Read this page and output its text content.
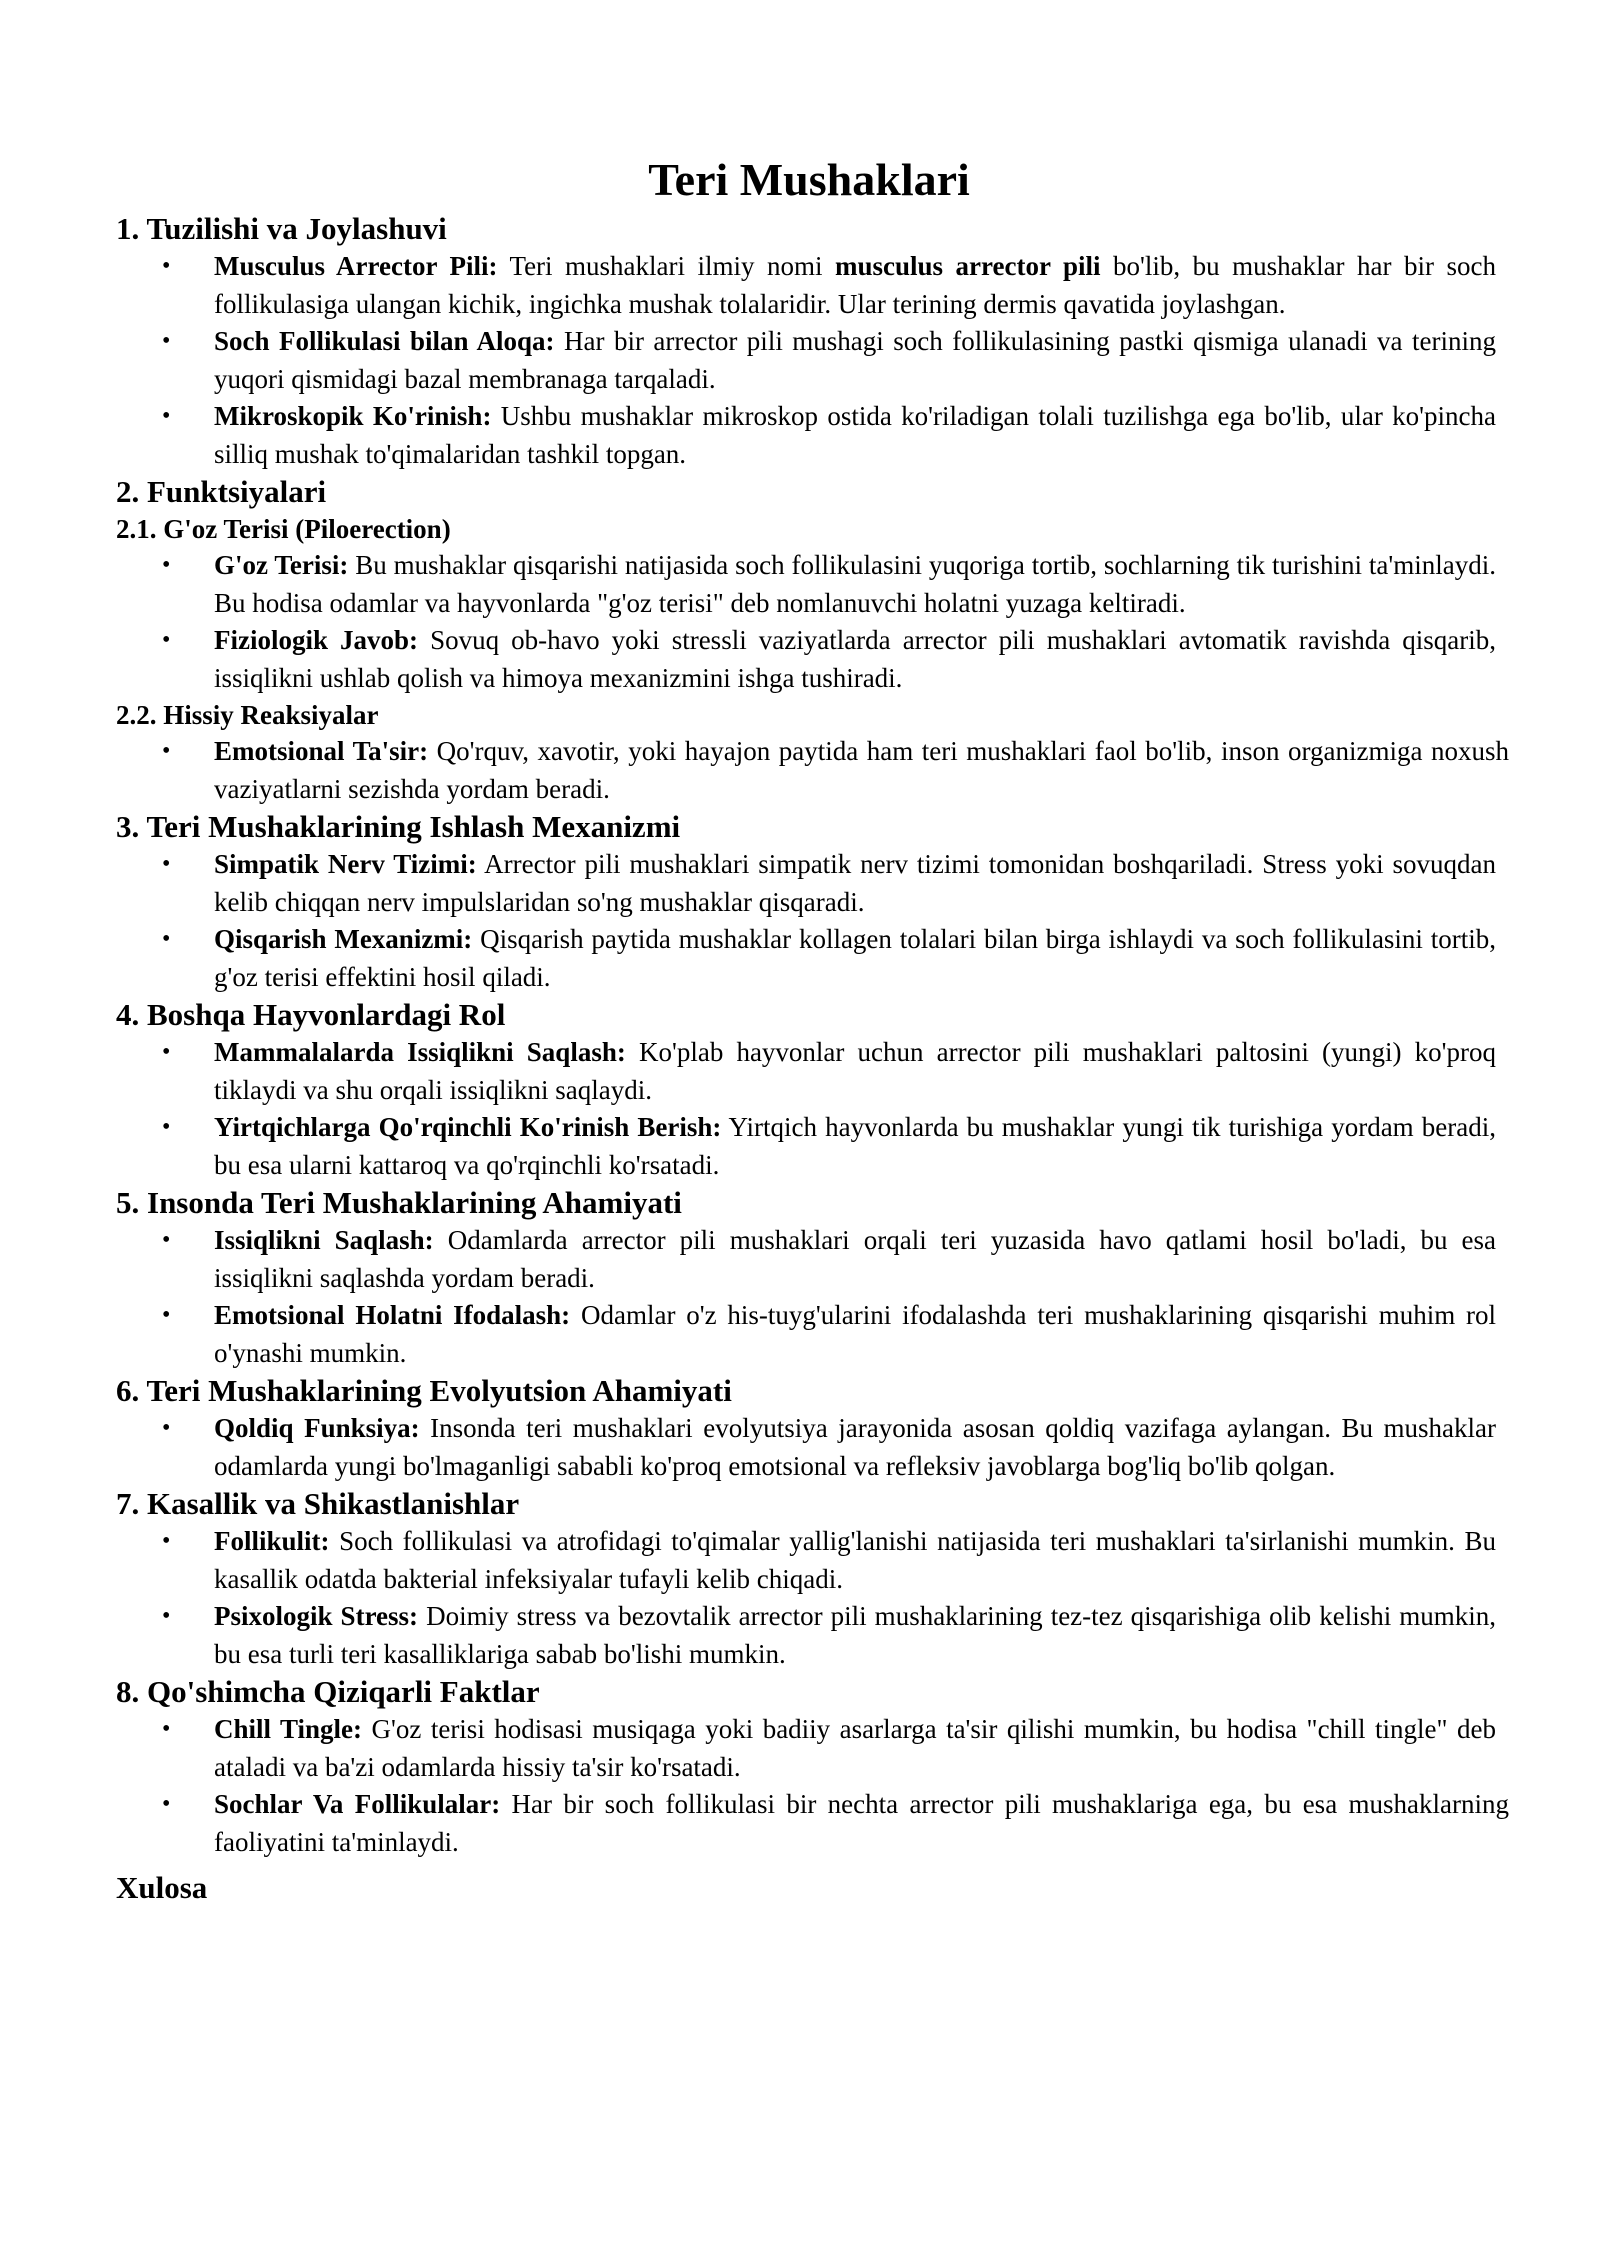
Teri Mushaklari
1. Tuzilishi va Joylashuvi
• Musculus Arrector Pili: Teri mushaklari ilmiy nomi musculus arrector pili bo'lib, bu mushaklar har bir soch follikulasiga ulangan kichik, ingichka mushak tolalaridir. Ular terining dermis qavatida joylashgan.
• Soch Follikulasi bilan Aloqa: Har bir arrector pili mushagi soch follikulasining pastki qismiga ulanadi va terining yuqori qismidagi bazal membranaga tarqaladi.
• Mikroskopik Ko'rinish: Ushbu mushaklar mikroskop ostida ko'riladigan tolali tuzilishga ega bo'lib, ular ko'pincha silliq mushak to'qimalaridan tashkil topgan.
2. Funktsiyalari
2.1. G'oz Terisi (Piloerection)
• G'oz Terisi: Bu mushaklar qisqarishi natijasida soch follikulasini yuqoriga tortib, sochlarning tik turishini ta'minlaydi. Bu hodisa odamlar va hayvonlarda "g'oz terisi" deb nomlanuvchi holatni yuzaga keltiradi.
• Fiziologik Javob: Sovuq ob-havo yoki stressli vaziyatlarda arrector pili mushaklari avtomatik ravishda qisqarib, issiqlikni ushlab qolish va himoya mexanizmini ishga tushiradi.
2.2. Hissiy Reaksiyalar
• Emotsional Ta'sir: Qo'rquv, xavotir, yoki hayajon paytida ham teri mushaklari faol bo'lib, inson organizmiga noxush vaziyatlarni sezishda yordam beradi.
3. Teri Mushaklarining Ishlash Mexanizmi
• Simpatik Nerv Tizimi: Arrector pili mushaklari simpatik nerv tizimi tomonidan boshqariladi. Stress yoki sovuqdan kelib chiqqan nerv impulslaridan so'ng mushaklar qisqaradi.
• Qisqarish Mexanizmi: Qisqarish paytida mushaklar kollagen tolalari bilan birga ishlaydi va soch follikulasini tortib, g'oz terisi effektini hosil qiladi.
4. Boshqa Hayvonlardagi Rol
• Mammalalarda Issiqlikni Saqlash: Ko'plab hayvonlar uchun arrector pili mushaklari paltosini (yungi) ko'proq tiklaydi va shu orqali issiqlikni saqlaydi.
• Yirtqichlarga Qo'rqinchli Ko'rinish Berish: Yirtqich hayvonlarda bu mushaklar yungi tik turishiga yordam beradi, bu esa ularni kattaroq va qo'rqinchli ko'rsatadi.
5. Insonda Teri Mushaklarining Ahamiyati
• Issiqlikni Saqlash: Odamlarda arrector pili mushaklari orqali teri yuzasida havo qatlami hosil bo'ladi, bu esa issiqlikni saqlashda yordam beradi.
• Emotsional Holatni Ifodalash: Odamlar o'z his-tuyg'ularini ifodalashda teri mushaklarining qisqarishi muhim rol o'ynashi mumkin.
6. Teri Mushaklarining Evolyutsion Ahamiyati
• Qoldiq Funksiya: Insonda teri mushaklari evolyutsiya jarayonida asosan qoldiq vazifaga aylangan. Bu mushaklar odamlarda yungi bo'lmaganligi sababli ko'proq emotsional va refleksiv javoblarga bog'liq bo'lib qolgan.
7. Kasallik va Shikastlanishlar
• Follikulit: Soch follikulasi va atrofidagi to'qimalar yallig'lanishi natijasida teri mushaklari ta'sirlanishi mumkin. Bu kasallik odatda bakterial infeksiyalar tufayli kelib chiqadi.
• Psixologik Stress: Doimiy stress va bezovtalik arrector pili mushaklarining tez-tez qisqarishiga olib kelishi mumkin, bu esa turli teri kasalliklariga sabab bo'lishi mumkin.
8. Qo'shimcha Qiziqarli Faktlar
• Chill Tingle: G'oz terisi hodisasi musiqaga yoki badiiy asarlarga ta'sir qilishi mumkin, bu hodisa "chill tingle" deb ataladi va ba'zi odamlarda hissiy ta'sir ko'rsatadi.
• Sochlar Va Follikulalar: Har bir soch follikulasi bir nechta arrector pili mushaklariga ega, bu esa mushaklarning faoliyatini ta'minlaydi.
Xulosa
